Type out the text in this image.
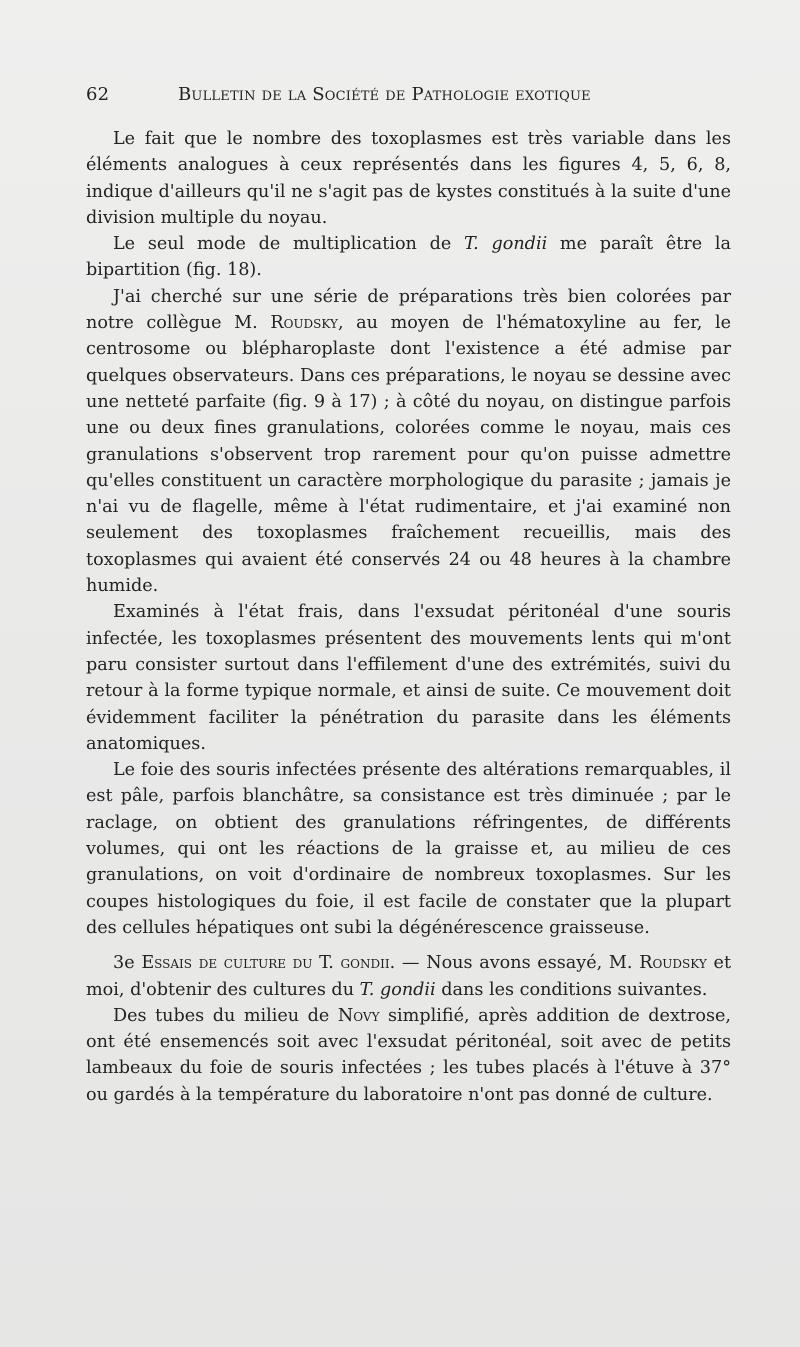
62	Bulletin de la Société de Pathologie exotique

Le fait que le nombre des toxoplasmes est très variable dans les éléments analogues à ceux représentés dans les figures 4, 5, 6, 8, indique d'ailleurs qu'il ne s'agit pas de kystes constitués à la suite d'une division multiple du noyau.

Le seul mode de multiplication de T. gondii me paraît être la bipartition (fig. 18).

J'ai cherché sur une série de préparations très bien colorées par notre collègue M. Roudsky, au moyen de l'hématoxyline au fer, le centrosome ou blépharoplaste dont l'existence a été admise par quelques observateurs. Dans ces préparations, le noyau se dessine avec une netteté parfaite (fig. 9 à 17) ; à côté du noyau, on distingue parfois une ou deux fines granulations, colorées comme le noyau, mais ces granulations s'observent trop rarement pour qu'on puisse admettre qu'elles constituent un caractère morphologique du parasite ; jamais je n'ai vu de flagelle, même à l'état rudimentaire, et j'ai examiné non seulement des toxoplasmes fraîchement recueillis, mais des toxoplasmes qui avaient été conservés 24 ou 48 heures à la chambre humide.

Examinés à l'état frais, dans l'exsudat péritonéal d'une souris infectée, les toxoplasmes présentent des mouvements lents qui m'ont paru consister surtout dans l'effilement d'une des extrémités, suivi du retour à la forme typique normale, et ainsi de suite. Ce mouvement doit évidemment faciliter la pénétration du parasite dans les éléments anatomiques.

Le foie des souris infectées présente des altérations remarquables, il est pâle, parfois blanchâtre, sa consistance est très diminuée ; par le raclage, on obtient des granulations réfringentes, de différents volumes, qui ont les réactions de la graisse et, au milieu de ces granulations, on voit d'ordinaire de nombreux toxoplasmes. Sur les coupes histologiques du foie, il est facile de constater que la plupart des cellules hépatiques ont subi la dégénérescence graisseuse.

3e Essais de culture du T. gondii. — Nous avons essayé, M. Roudsky et moi, d'obtenir des cultures du T. gondii dans les conditions suivantes.

Des tubes du milieu de Novy simplifié, après addition de dextrose, ont été ensemencés soit avec l'exsudat péritonéal, soit avec de petits lambeaux du foie de souris infectées ; les tubes placés à l'étuve à 37° ou gardés à la température du laboratoire n'ont pas donné de culture.
